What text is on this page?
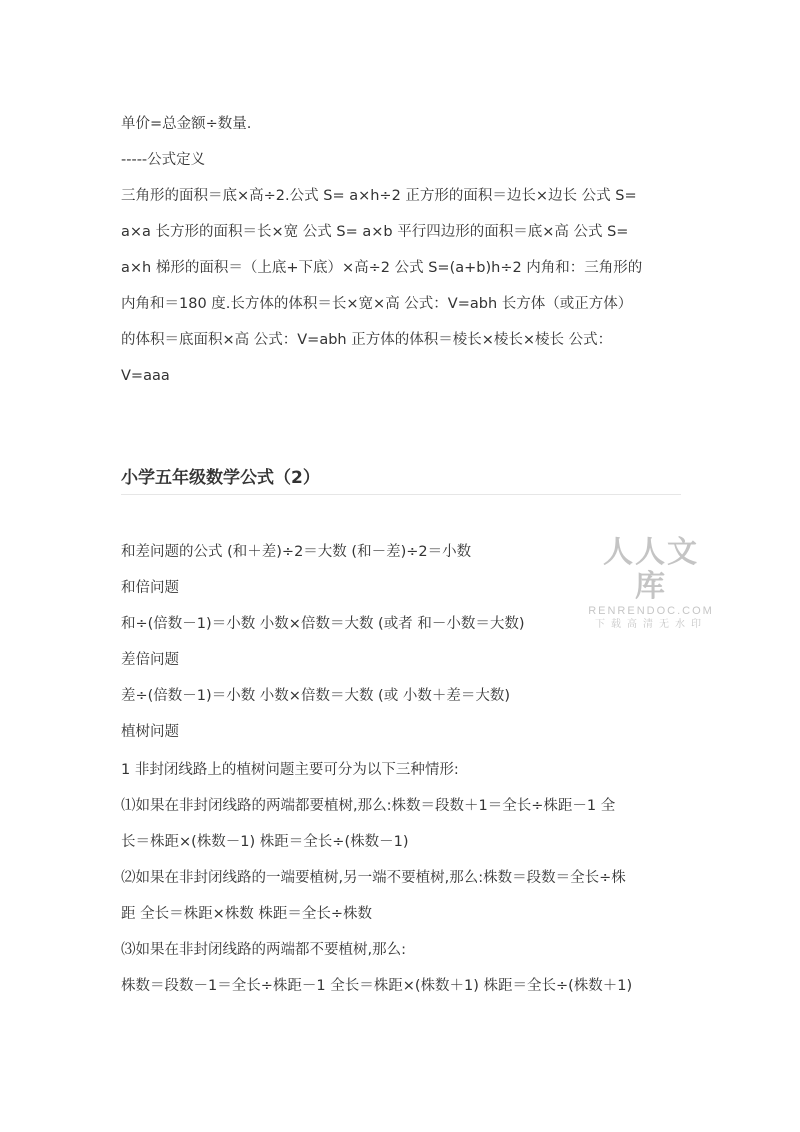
单价=总金额÷数量.
-----公式定义
三角形的面积＝底×高÷2.公式 S= a×h÷2 正方形的面积＝边长×边长 公式 S=
a×a 长方形的面积＝长×宽 公式 S= a×b 平行四边形的面积＝底×高 公式 S=
a×h 梯形的面积＝（上底+下底）×高÷2 公式 S=(a+b)h÷2 内角和：三角形的
内角和＝180 度.长方体的体积＝长×宽×高 公式：V=abh 长方体（或正方体）
的体积＝底面积×高 公式：V=abh 正方体的体积＝棱长×棱长×棱长 公式：
V=aaa
小学五年级数学公式（2）
和差问题的公式 (和＋差)÷2＝大数 (和－差)÷2＝小数
和倍问题
和÷(倍数－1)＝小数 小数×倍数＝大数 (或者 和－小数＝大数)
差倍问题
差÷(倍数－1)＝小数 小数×倍数＝大数 (或 小数＋差＝大数)
植树问题
1 非封闭线路上的植树问题主要可分为以下三种情形:
⑴如果在非封闭线路的两端都要植树,那么:株数＝段数＋1＝全长÷株距－1 全
长＝株距×(株数－1) 株距＝全长÷(株数－1)
⑵如果在非封闭线路的一端要植树,另一端不要植树,那么:株数＝段数＝全长÷株
距 全长＝株距×株数 株距＝全长÷株数
⑶如果在非封闭线路的两端都不要植树,那么:
株数＝段数－1＝全长÷株距－1 全长＝株距×(株数＋1) 株距＝全长÷(株数＋1)
人人文库
RENRENDOC.COM
下载高清无水印
